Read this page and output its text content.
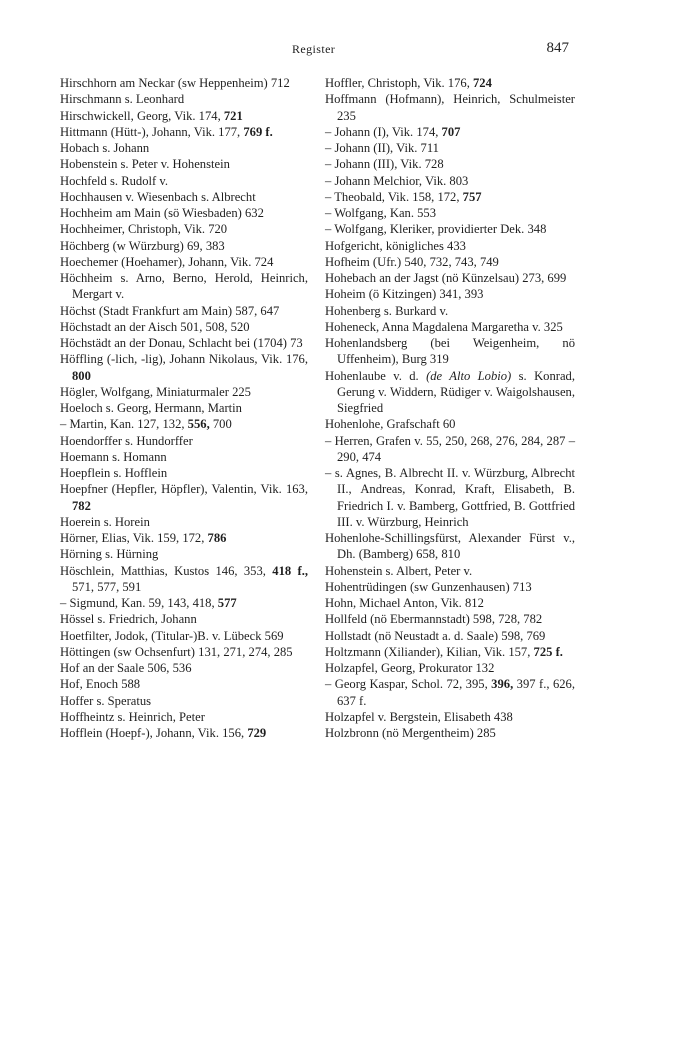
Register	847
Hirschhorn am Neckar (sw Heppenheim) 712
Hirschmann s. Leonhard
Hirschwickell, Georg, Vik. 174, 721
Hittmann (Hütt-), Johann, Vik. 177, 769 f.
Hobach s. Johann
Hobenstein s. Peter v. Hohenstein
Hochfeld s. Rudolf v.
Hochhausen v. Wiesenbach s. Albrecht
Hochheim am Main (sö Wiesbaden) 632
Hochheimer, Christoph, Vik. 720
Höchberg (w Würzburg) 69, 383
Hoechemer (Hoehamer), Johann, Vik. 724
Höchheim s. Arno, Berno, Herold, Heinrich, Mergart v.
Höchst (Stadt Frankfurt am Main) 587, 647
Höchstadt an der Aisch 501, 508, 520
Höchstädt an der Donau, Schlacht bei (1704) 73
Höffling (-lich, -lig), Johann Nikolaus, Vik. 176, 800
Högler, Wolfgang, Miniaturmaler 225
Hoeloch s. Georg, Hermann, Martin
– Martin, Kan. 127, 132, 556, 700
Hoendorffer s. Hundorffer
Hoemann s. Homann
Hoepflein s. Hofflein
Hoepfner (Hepfler, Höpfler), Valentin, Vik. 163, 782
Hoerein s. Horein
Hörner, Elias, Vik. 159, 172, 786
Hörning s. Hürning
Höschlein, Matthias, Kustos 146, 353, 418 f., 571, 577, 591
– Sigmund, Kan. 59, 143, 418, 577
Hössel s. Friedrich, Johann
Hoetfilter, Jodok, (Titular-)B. v. Lübeck 569
Höttingen (sw Ochsenfurt) 131, 271, 274, 285
Hof an der Saale 506, 536
Hof, Enoch 588
Hoffer s. Speratus
Hoffheintz s. Heinrich, Peter
Hofflein (Hoepf-), Johann, Vik. 156, 729
Hoffler, Christoph, Vik. 176, 724
Hoffmann (Hofmann), Heinrich, Schulmeister 235
– Johann (I), Vik. 174, 707
– Johann (II), Vik. 711
– Johann (III), Vik. 728
– Johann Melchior, Vik. 803
– Theobald, Vik. 158, 172, 757
– Wolfgang, Kan. 553
– Wolfgang, Kleriker, providierter Dek. 348
Hofgericht, königliches 433
Hofheim (Ufr.) 540, 732, 743, 749
Hohebach an der Jagst (nö Künzelsau) 273, 699
Hoheim (ö Kitzingen) 341, 393
Hohenberg s. Burkard v.
Hoheneck, Anna Magdalena Margaretha v. 325
Hohenlandsberg (bei Weigenheim, nö Uffenheim), Burg 319
Hohenlaube v. d. (de Alto Lobio) s. Konrad, Gerung v. Widdern, Rüdiger v. Waigolshausen, Siegfried
Hohenlohe, Grafschaft 60
– Herren, Grafen v. 55, 250, 268, 276, 284, 287 – 290, 474
– s. Agnes, B. Albrecht II. v. Würzburg, Albrecht II., Andreas, Konrad, Kraft, Elisabeth, B. Friedrich I. v. Bamberg, Gottfried, B. Gottfried III. v. Würzburg, Heinrich
Hohenlohe-Schillingsfürst, Alexander Fürst v., Dh. (Bamberg) 658, 810
Hohenstein s. Albert, Peter v.
Hohentrüdingen (sw Gunzenhausen) 713
Hohn, Michael Anton, Vik. 812
Hollfeld (nö Ebermannstadt) 598, 728, 782
Hollstadt (nö Neustadt a. d. Saale) 598, 769
Holtzmann (Xiliander), Kilian, Vik. 157, 725 f.
Holzapfel, Georg, Prokurator 132
– Georg Kaspar, Schol. 72, 395, 396, 397 f., 626, 637 f.
Holzapfel v. Bergstein, Elisabeth 438
Holzbronn (nö Mergentheim) 285
